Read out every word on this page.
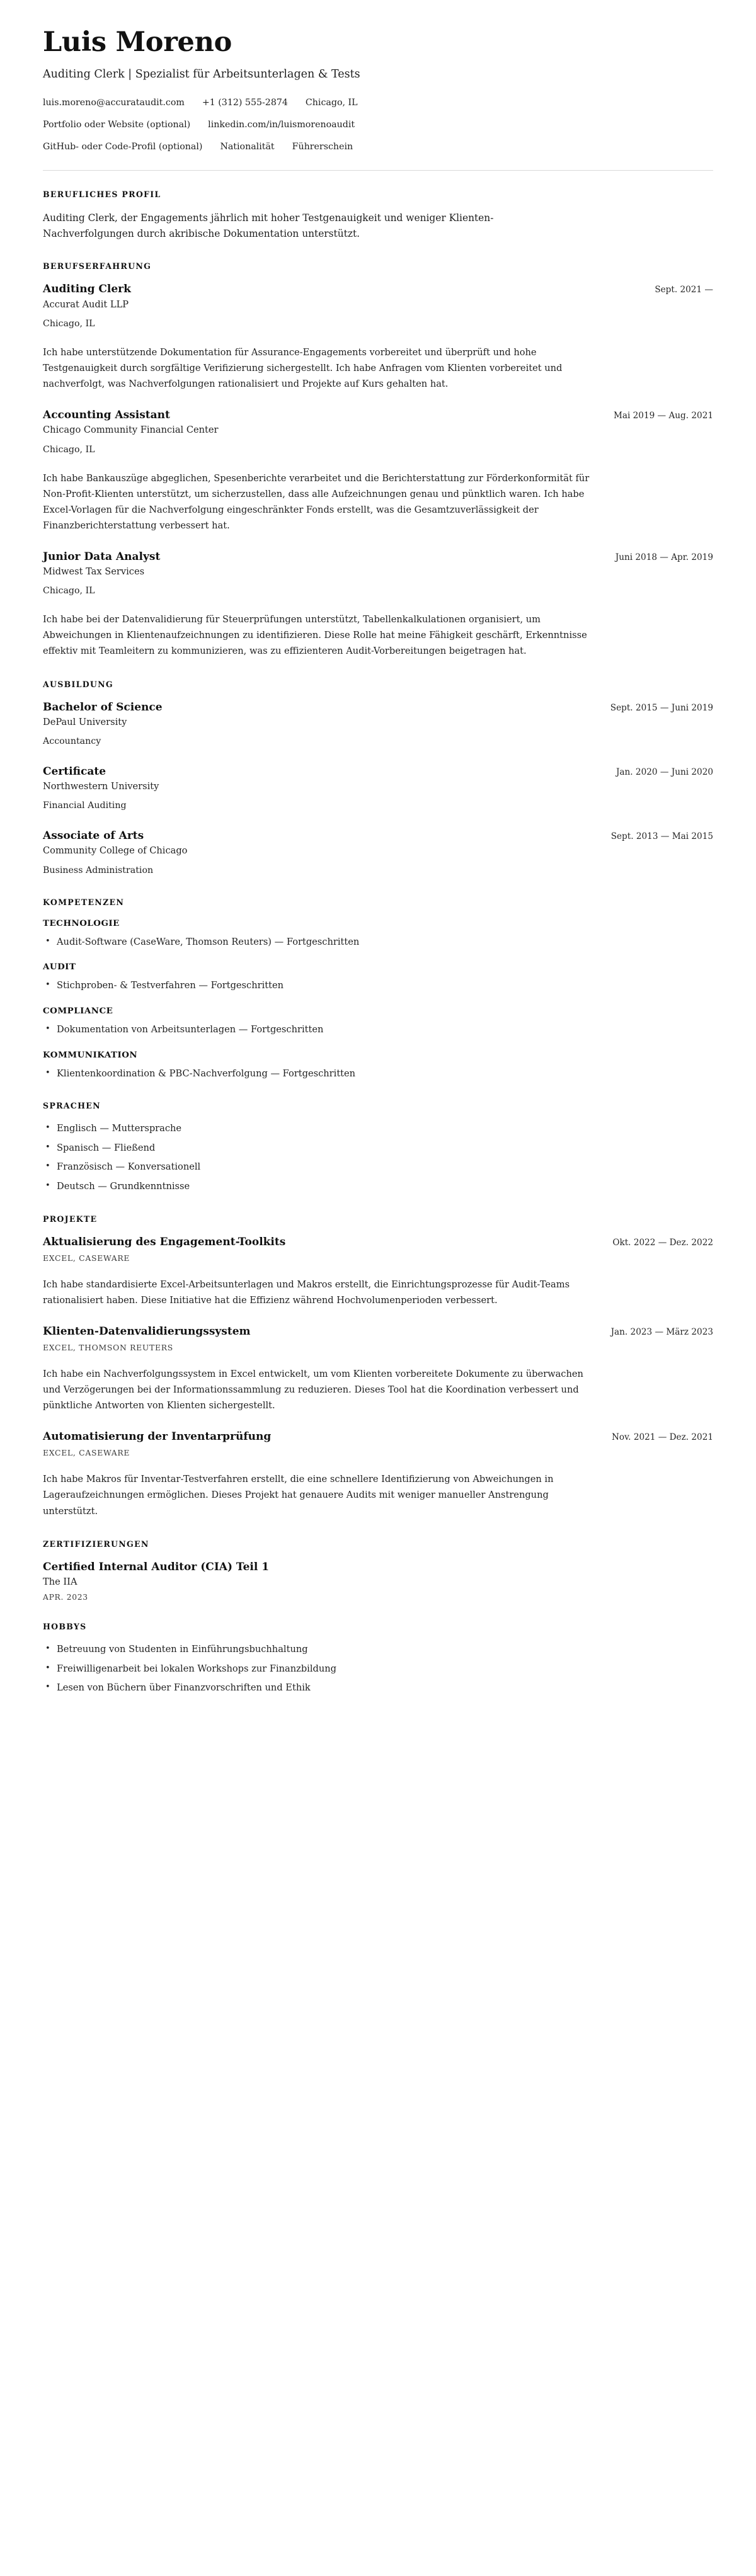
Luis Moreno
Auditing Clerk | Spezialist für Arbeitsunterlagen & Tests
luis.moreno@accurataudit.com +1 (312) 555-2874 Chicago, IL
Portfolio oder Website (optional) linkedin.com/in/luismorenoaudit
GitHub- oder Code-Profil (optional) Nationalität Führerschein
BERUFLICHES PROFIL

Auditing Clerk, der Engagements jährlich mit hoher Testgenauigkeit und weniger Klienten-Nachverfolgungen durch akribische Dokumentation unterstützt.

BERUFSERFAHRUNG
Auditing Clerk	Sept. 2021 —
Accurat Audit LLP
Chicago, IL

Ich habe unterstützende Dokumentation für Assurance-Engagements vorbereitet und überprüft und hohe Testgenauigkeit durch sorgfältige Verifizierung sichergestellt. Ich habe Anfragen vom Klienten vorbereitet und nachverfolgt, was Nachverfolgungen rationalisiert und Projekte auf Kurs gehalten hat.

Accounting Assistant	Mai 2019 — Aug. 2021
Chicago Community Financial Center
Chicago, IL

Ich habe Bankauszüge abgeglichen, Spesenberichte verarbeitet und die Berichterstattung zur Förderkonformität für Non-Profit-Klienten unterstützt, um sicherzustellen, dass alle Aufzeichnungen genau und pünktlich waren. Ich habe Excel-Vorlagen für die Nachverfolgung eingeschränkter Fonds erstellt, was die Gesamtzuverlässigkeit der Finanzberichterstattung verbessert hat.

Junior Data Analyst	Juni 2018 — Apr. 2019
Midwest Tax Services
Chicago, IL

Ich habe bei der Datenvalidierung für Steuerprüfungen unterstützt, Tabellenkalkulationen organisiert, um Abweichungen in Klientenaufzeichnungen zu identifizieren. Diese Rolle hat meine Fähigkeit geschärft, Erkenntnisse effektiv mit Teamleitern zu kommunizieren, was zu effizienteren Audit-Vorbereitungen beigetragen hat.

AUSBILDUNG
Bachelor of Science	Sept. 2015 — Juni 2019
DePaul University
Accountancy
Certificate	Jan. 2020 — Juni 2020
Northwestern University
Financial Auditing
Associate of Arts	Sept. 2013 — Mai 2015
Community College of Chicago
Business Administration
KOMPETENZEN
TECHNOLOGIE
• Audit-Software (CaseWare, Thomson Reuters) — Fortgeschritten
AUDIT
• Stichproben- & Testverfahren — Fortgeschritten
COMPLIANCE
• Dokumentation von Arbeitsunterlagen — Fortgeschritten
KOMMUNIKATION
• Klientenkoordination & PBC-Nachverfolgung — Fortgeschritten
SPRACHEN
• Englisch — Muttersprache
• Spanisch — Fließend
• Französisch — Konversationell
• Deutsch — Grundkenntnisse
PROJEKTE
Aktualisierung des Engagement-Toolkits	Okt. 2022 — Dez. 2022
EXCEL, CASEWARE

Ich habe standardisierte Excel-Arbeitsunterlagen und Makros erstellt, die Einrichtungsprozesse für Audit-Teams rationalisiert haben. Diese Initiative hat die Effizienz während Hochvolumenperioden verbessert.

Klienten-Datenvalidierungssystem	Jan. 2023 — März 2023
EXCEL, THOMSON REUTERS

Ich habe ein Nachverfolgungssystem in Excel entwickelt, um vom Klienten vorbereitete Dokumente zu überwachen und Verzögerungen bei der Informationssammlung zu reduzieren. Dieses Tool hat die Koordination verbessert und pünktliche Antworten von Klienten sichergestellt.

Automatisierung der Inventarprüfung	Nov. 2021 — Dez. 2021
EXCEL, CASEWARE

Ich habe Makros für Inventar-Testverfahren erstellt, die eine schnellere Identifizierung von Abweichungen in Lageraufzeichnungen ermöglichen. Dieses Projekt hat genauere Audits mit weniger manueller Anstrengung unterstützt.

ZERTIFIZIERUNGEN
Certified Internal Auditor (CIA) Teil 1
The IIA
APR. 2023
HOBBYS
• Betreuung von Studenten in Einführungsbuchhaltung
• Freiwilligenarbeit bei lokalen Workshops zur Finanzbildung
• Lesen von Büchern über Finanzvorschriften und Ethik
